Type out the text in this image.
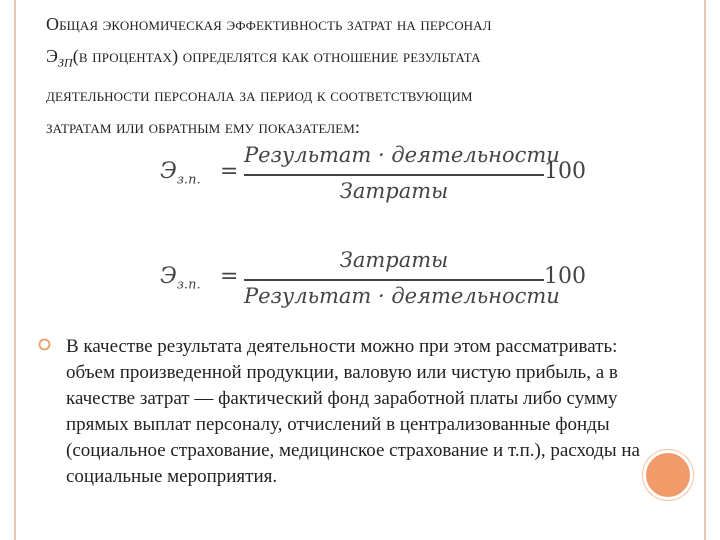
Общая экономическая эффективность затрат на персонал
$Э_{ЗП}(в$ процентах) определятся как отношение результата
деятельности персонала за период к соответствующим
затратам или обратным ему показателем:
$Э_{з.п.}$ =
Результат · деятельности
Затраты
100
$Э_{з.п.}$ =
Затраты
Результат · деятельности
100
В качестве результата деятельности можно при этом рассматривать: объем произведенной продукции, валовую или чистую прибыль, а в качестве затрат — фактический фонд заработной платы либо сумму прямых выплат персоналу, отчислений в централизованные фонды (социальное страхование, медицинское страхование и т.п.), расходы на социальные мероприятия.
